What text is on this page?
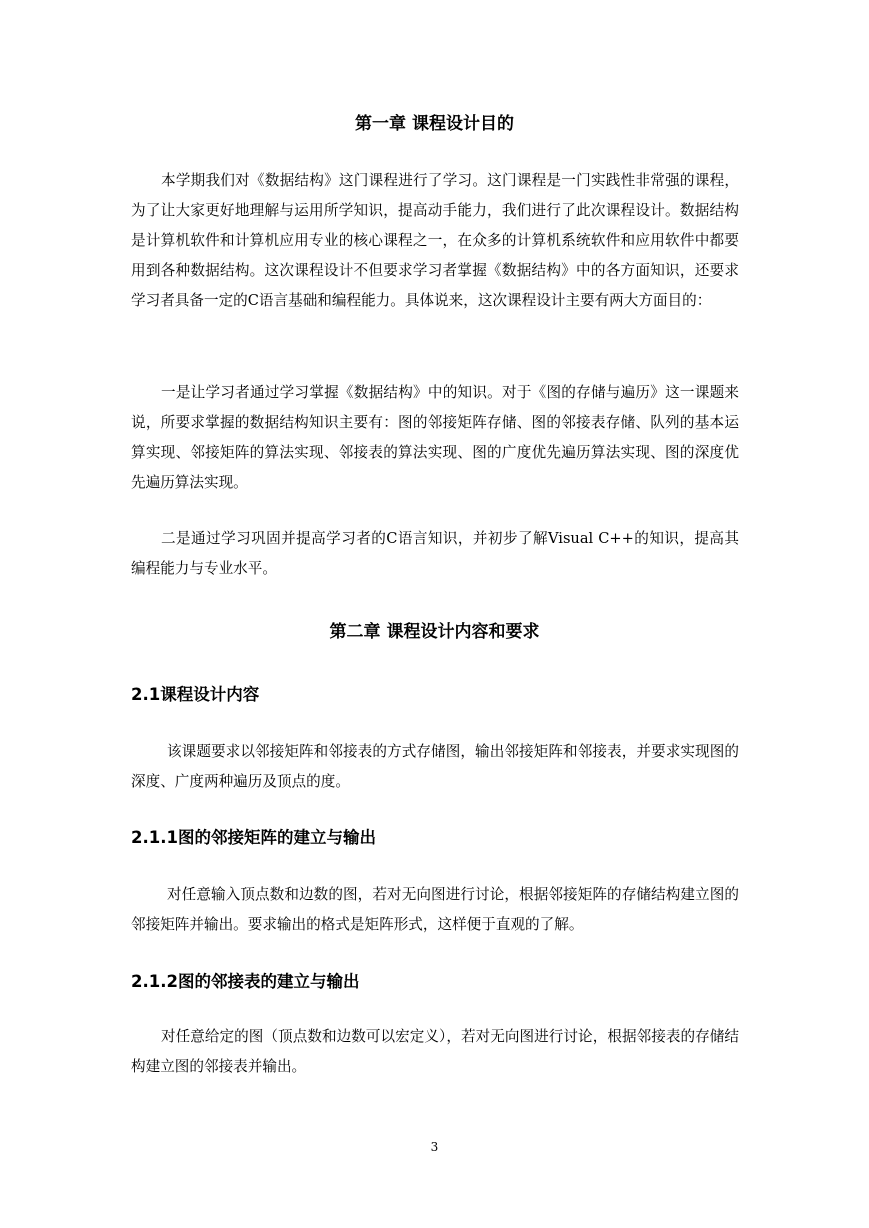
第一章 课程设计目的

本学期我们对《数据结构》这门课程进行了学习。这门课程是一门实践性非常强的课程，为了让大家更好地理解与运用所学知识，提高动手能力，我们进行了此次课程设计。数据结构是计算机软件和计算机应用专业的核心课程之一，在众多的计算机系统软件和应用软件中都要用到各种数据结构。这次课程设计不但要求学习者掌握《数据结构》中的各方面知识，还要求学习者具备一定的C语言基础和编程能力。具体说来，这次课程设计主要有两大方面目的：

一是让学习者通过学习掌握《数据结构》中的知识。对于《图的存储与遍历》这一课题来说，所要求掌握的数据结构知识主要有：图的邻接矩阵存储、图的邻接表存储、队列的基本运算实现、邻接矩阵的算法实现、邻接表的算法实现、图的广度优先遍历算法实现、图的深度优先遍历算法实现。

二是通过学习巩固并提高学习者的C语言知识，并初步了解Visual C++的知识，提高其编程能力与专业水平。

第二章 课程设计内容和要求
2.1课程设计内容

该课题要求以邻接矩阵和邻接表的方式存储图，输出邻接矩阵和邻接表，并要求实现图的深度、广度两种遍历及顶点的度。

2.1.1图的邻接矩阵的建立与输出

对任意输入顶点数和边数的图，若对无向图进行讨论，根据邻接矩阵的存储结构建立图的邻接矩阵并输出。要求输出的格式是矩阵形式，这样便于直观的了解。

2.1.2图的邻接表的建立与输出

对任意给定的图（顶点数和边数可以宏定义），若对无向图进行讨论，根据邻接表的存储结构建立图的邻接表并输出。

3
